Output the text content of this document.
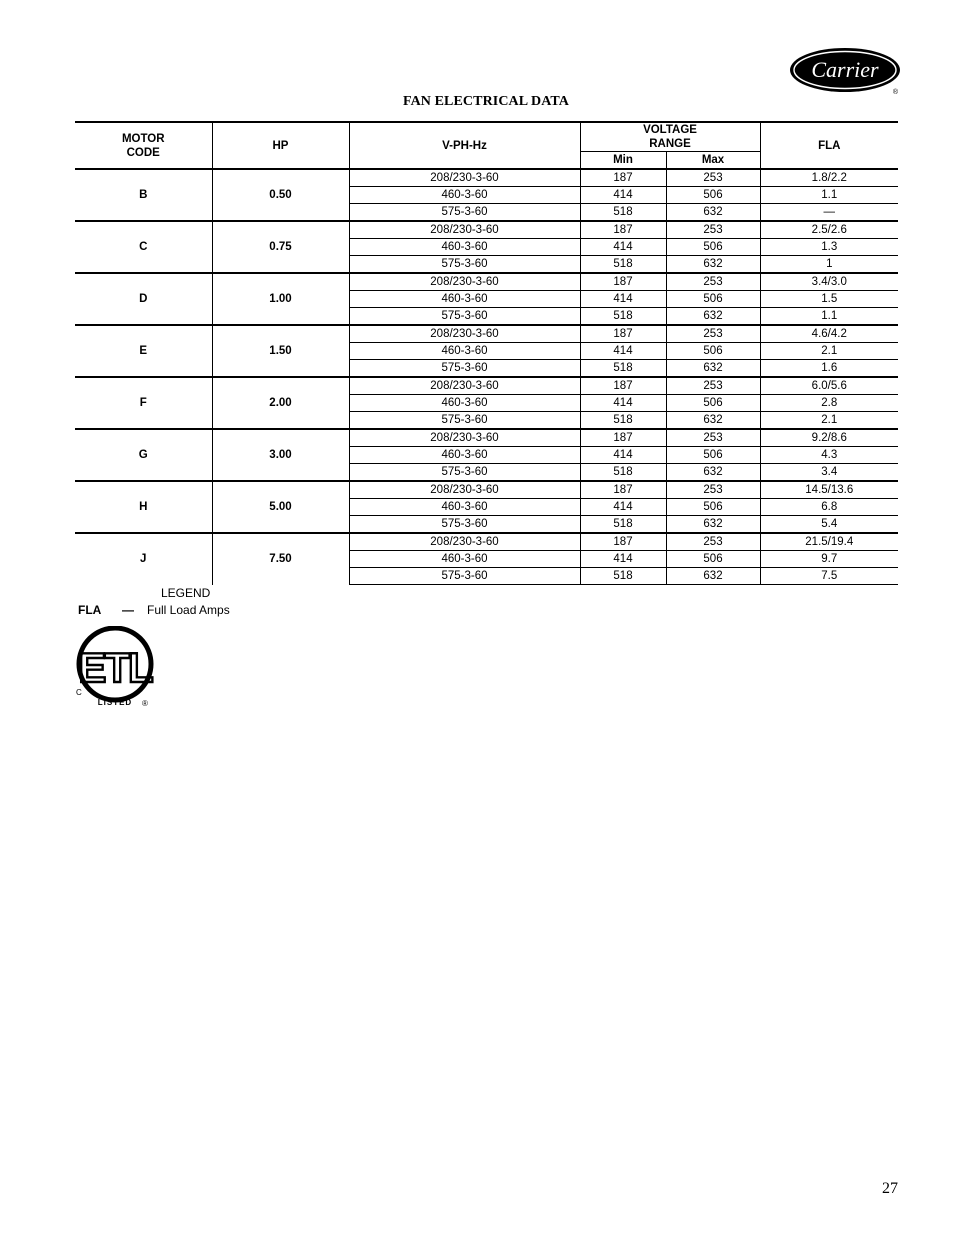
Carrier
®
FAN ELECTRICAL DATA
MOTOR CODE	HP	V-PH-Hz	VOLTAGE RANGE		FLA
			Min	Max	
B	0.50	208/230-3-60	187	253	1.8/2.2
		460-3-60	414	506	1.1
		575-3-60	518	632	—
C	0.75	208/230-3-60	187	253	2.5/2.6
		460-3-60	414	506	1.3
		575-3-60	518	632	1
D	1.00	208/230-3-60	187	253	3.4/3.0
		460-3-60	414	506	1.5
		575-3-60	518	632	1.1
E	1.50	208/230-3-60	187	253	4.6/4.2
		460-3-60	414	506	2.1
		575-3-60	518	632	1.6
F	2.00	208/230-3-60	187	253	6.0/5.6
		460-3-60	414	506	2.8
		575-3-60	518	632	2.1
G	3.00	208/230-3-60	187	253	9.2/8.6
		460-3-60	414	506	4.3
		575-3-60	518	632	3.4
H	5.00	208/230-3-60	187	253	14.5/13.6
		460-3-60	414	506	6.8
		575-3-60	518	632	5.4
J	7.50	208/230-3-60	187	253	21.5/19.4
		460-3-60	414	506	9.7
		575-3-60	518	632	7.5
LEGEND
FLA — Full Load Amps
ETL
C
LISTED ®
27
